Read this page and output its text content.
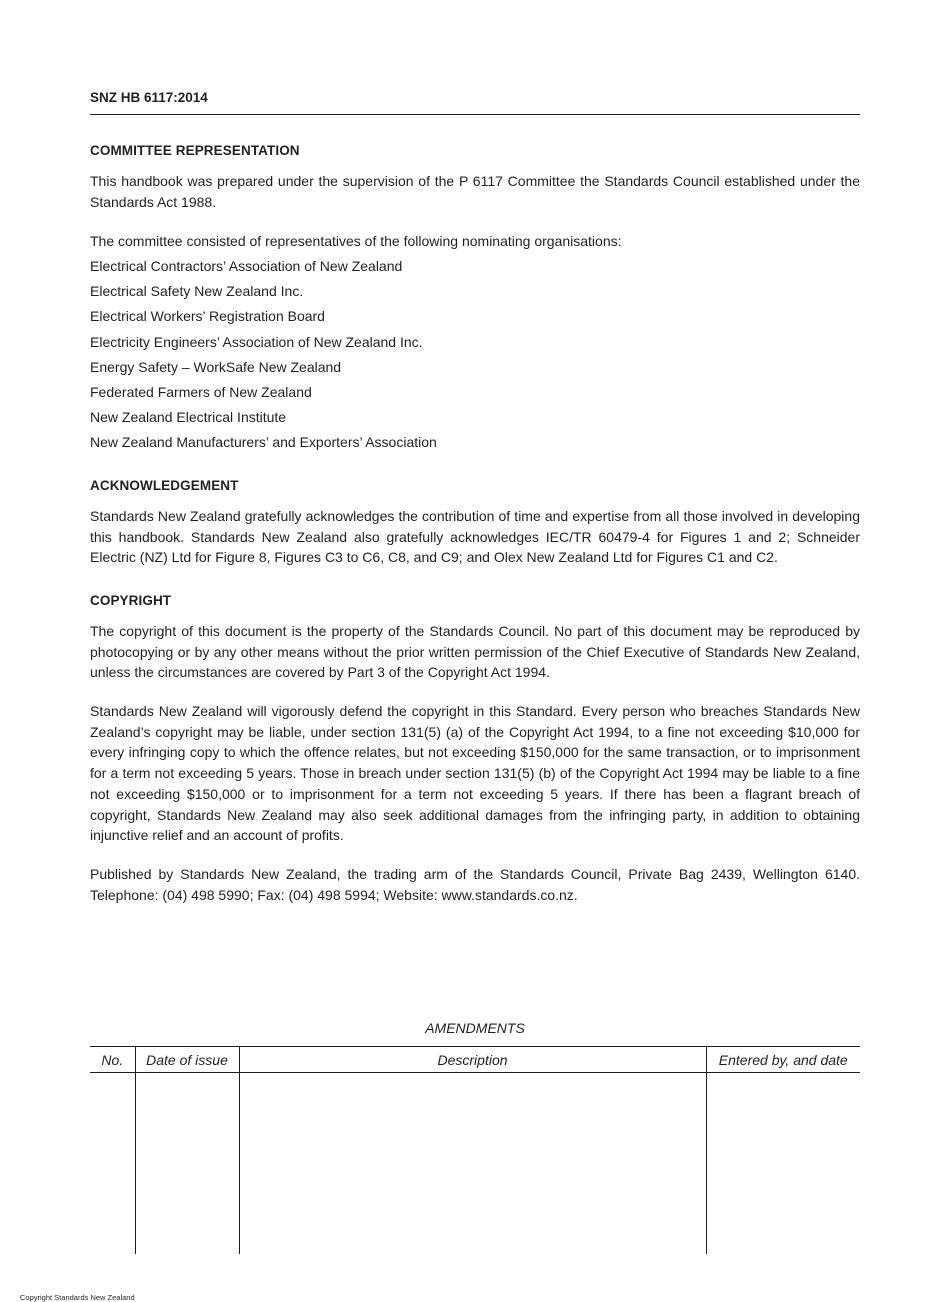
SNZ HB 6117:2014
COMMITTEE REPRESENTATION

This handbook was prepared under the supervision of the P 6117 Committee the Standards Council established under the Standards Act 1988.

The committee consisted of representatives of the following nominating organisations:

Electrical Contractors’ Association of New Zealand
Electrical Safety New Zealand Inc.
Electrical Workers’ Registration Board
Electricity Engineers’ Association of New Zealand Inc.
Energy Safety – WorkSafe New Zealand
Federated Farmers of New Zealand
New Zealand Electrical Institute
New Zealand Manufacturers’ and Exporters’ Association
ACKNOWLEDGEMENT

Standards New Zealand gratefully acknowledges the contribution of time and expertise from all those involved in developing this handbook. Standards New Zealand also gratefully acknowledges IEC/TR 60479-4 for Figures 1 and 2; Schneider Electric (NZ) Ltd for Figure 8, Figures C3 to C6, C8, and C9; and Olex New Zealand Ltd for Figures C1 and C2.

COPYRIGHT

The copyright of this document is the property of the Standards Council. No part of this document may be reproduced by photocopying or by any other means without the prior written permission of the Chief Executive of Standards New Zealand, unless the circumstances are covered by Part 3 of the Copyright Act 1994.

Standards New Zealand will vigorously defend the copyright in this Standard. Every person who breaches Standards New Zealand’s copyright may be liable, under section 131(5) (a) of the Copyright Act 1994, to a fine not exceeding $10,000 for every infringing copy to which the offence relates, but not exceeding $150,000 for the same transaction, or to imprisonment for a term not exceeding 5 years. Those in breach under section 131(5) (b) of the Copyright Act 1994 may be liable to a fine not exceeding $150,000 or to imprisonment for a term not exceeding 5 years. If there has been a flagrant breach of copyright, Standards New Zealand may also seek additional damages from the infringing party, in addition to obtaining injunctive relief and an account of profits.

Published by Standards New Zealand, the trading arm of the Standards Council, Private Bag 2439, Wellington 6140. Telephone: (04) 498 5990; Fax: (04) 498 5994; Website: www.standards.co.nz.

AMENDMENTS

No.	Date of issue	Description	Entered by, and date

Copyright Standards New Zealand
